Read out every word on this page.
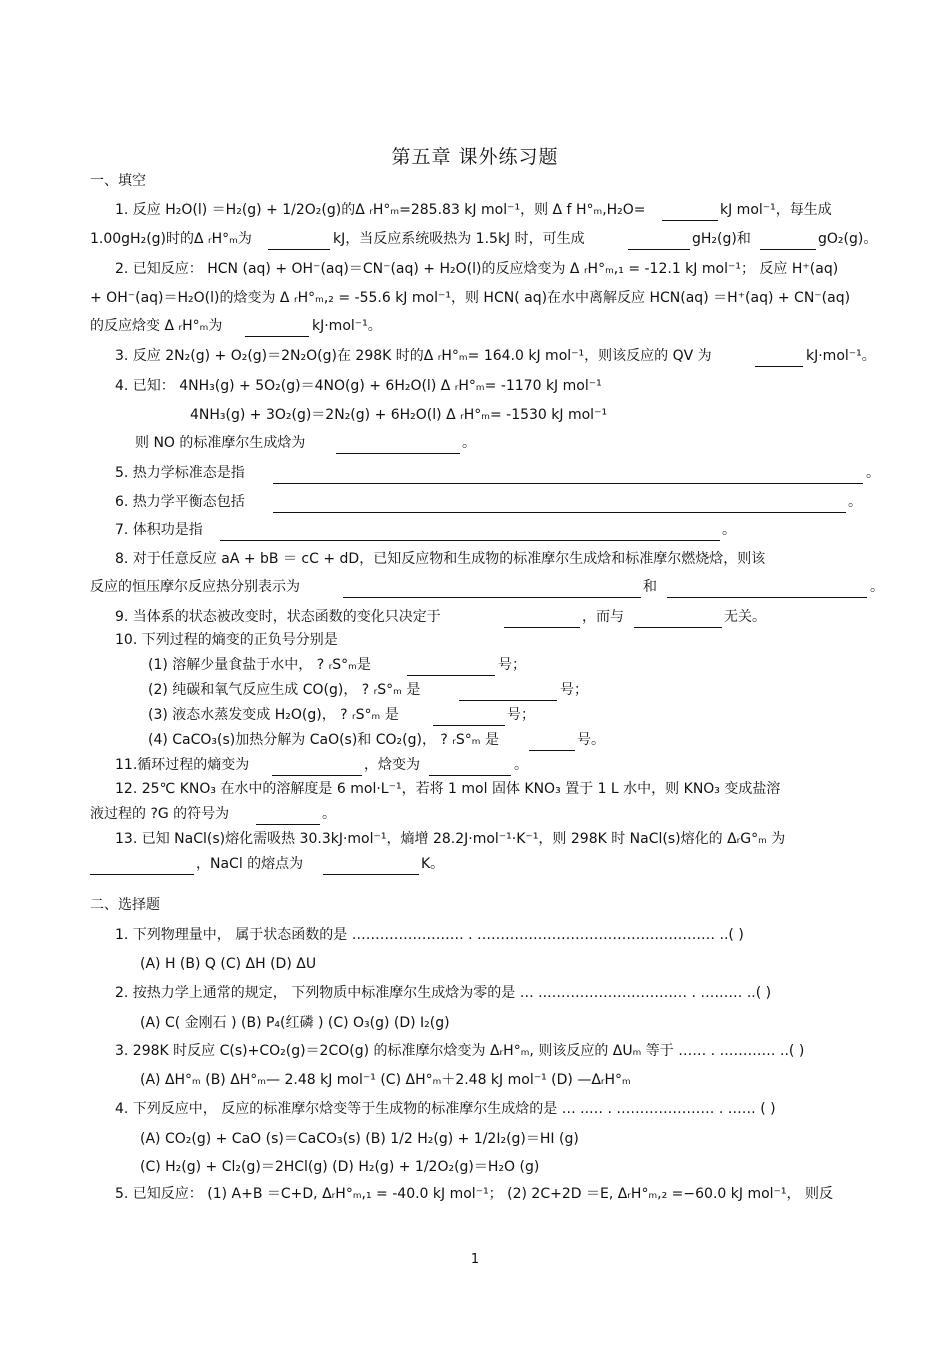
第五章 课外练习题
一、填空
1. 反应 H₂O(l) ＝H₂(g) + 1/2O₂(g)的Δ ᵣH°ₘ=285.83 kJ mol⁻¹，则 Δ f H°ₘ,H₂O=	kJ mol⁻¹，每生成
1.00gH₂(g)时的Δ ᵣH°ₘ为	kJ，当反应系统吸热为 1.5kJ 时，可生成	gH₂(g)和	gO₂(g)。
2. 已知反应： HCN (aq) + OH⁻(aq)＝CN⁻(aq) + H₂O(l)的反应焓变为 Δ ᵣH°ₘ,₁ = -12.1 kJ mol⁻¹； 反应 H⁺(aq)
+ OH⁻(aq)＝H₂O(l)的焓变为 Δ ᵣH°ₘ,₂ = -55.6 kJ mol⁻¹，则 HCN( aq)在水中离解反应 HCN(aq) ＝H⁺(aq) + CN⁻(aq)
的反应焓变 Δ ᵣH°ₘ为	kJ·mol⁻¹。
3. 反应 2N₂(g) + O₂(g)＝2N₂O(g)在 298K 时的Δ ᵣH°ₘ= 164.0 kJ mol⁻¹，则该反应的 QV 为	kJ·mol⁻¹。
4. 已知： 4NH₃(g) + 5O₂(g)＝4NO(g) + 6H₂O(l) Δ ᵣH°ₘ= -1170 kJ mol⁻¹
4NH₃(g) + 3O₂(g)＝2N₂(g) + 6H₂O(l) Δ ᵣH°ₘ= -1530 kJ mol⁻¹
则 NO 的标准摩尔生成焓为	。
5. 热力学标准态是指	。
6. 热力学平衡态包括	。
7. 体积功是指	。
8. 对于任意反应 aA + bB ＝ cC + dD，已知反应物和生成物的标准摩尔生成焓和标准摩尔燃烧焓，则该
反应的恒压摩尔反应热分别表示为	和	。
9. 当体系的状态被改变时，状态函数的变化只决定于	，而与	无关。
10. 下列过程的熵变的正负号分别是
(1) 溶解少量食盐于水中， ? ᵣS°ₘ是	号；
(2) 纯碳和氧气反应生成 CO(g)， ? ᵣS°ₘ 是	号；
(3) 液态水蒸发变成 H₂O(g)， ? ᵣS°ₘ 是	号；
(4) CaCO₃(s)加热分解为 CaO(s)和 CO₂(g)， ? ᵣS°ₘ 是	号。
11.循环过程的熵变为	，焓变为	。
12. 25℃ KNO₃ 在水中的溶解度是 6 mol·L⁻¹，若将 1 mol 固体 KNO₃ 置于 1 L 水中，则 KNO₃ 变成盐溶
液过程的 ?G 的符号为	。
13. 已知 NaCl(s)熔化需吸热 30.3kJ·mol⁻¹，熵增 28.2J·mol⁻¹·K⁻¹，则 298K 时 NaCl(s)熔化的 ΔᵣG°ₘ 为
，NaCl 的熔点为	K。
二、选择题
1. 下列物理量中， 属于状态函数的是 …………………… . …………………………………………… ..( )
(A) H (B) Q (C) ΔH (D) ΔU
2. 按热力学上通常的规定， 下列物质中标准摩尔生成焓为零的是 … ..………………………… . ……… ..( )
(A) C( 金刚石 ) (B) P₄(红磷 ) (C) O₃(g) (D) I₂(g)
3. 298K 时反应 C(s)+CO₂(g)＝2CO(g) 的标准摩尔焓变为 ΔᵣH°ₘ, 则该反应的 ΔUₘ 等于 …… . ………… ..( )
(A) ΔH°ₘ (B) ΔH°ₘ— 2.48 kJ mol⁻¹ (C) ΔH°ₘ＋2.48 kJ mol⁻¹ (D) —ΔᵣH°ₘ
4. 下列反应中， 反应的标准摩尔焓变等于生成物的标准摩尔生成焓的是 … ..… . ………………… . …… ( )
(A) CO₂(g) + CaO (s)＝CaCO₃(s) (B) 1/2 H₂(g) + 1/2I₂(g)＝HI (g)
(C) H₂(g) + Cl₂(g)＝2HCl(g) (D) H₂(g) + 1/2O₂(g)＝H₂O (g)
5. 已知反应： (1) A+B ＝C+D, ΔᵣH°ₘ,₁ = -40.0 kJ mol⁻¹； (2) 2C+2D ＝E, ΔᵣH°ₘ,₂ =−60.0 kJ mol⁻¹， 则反
1
